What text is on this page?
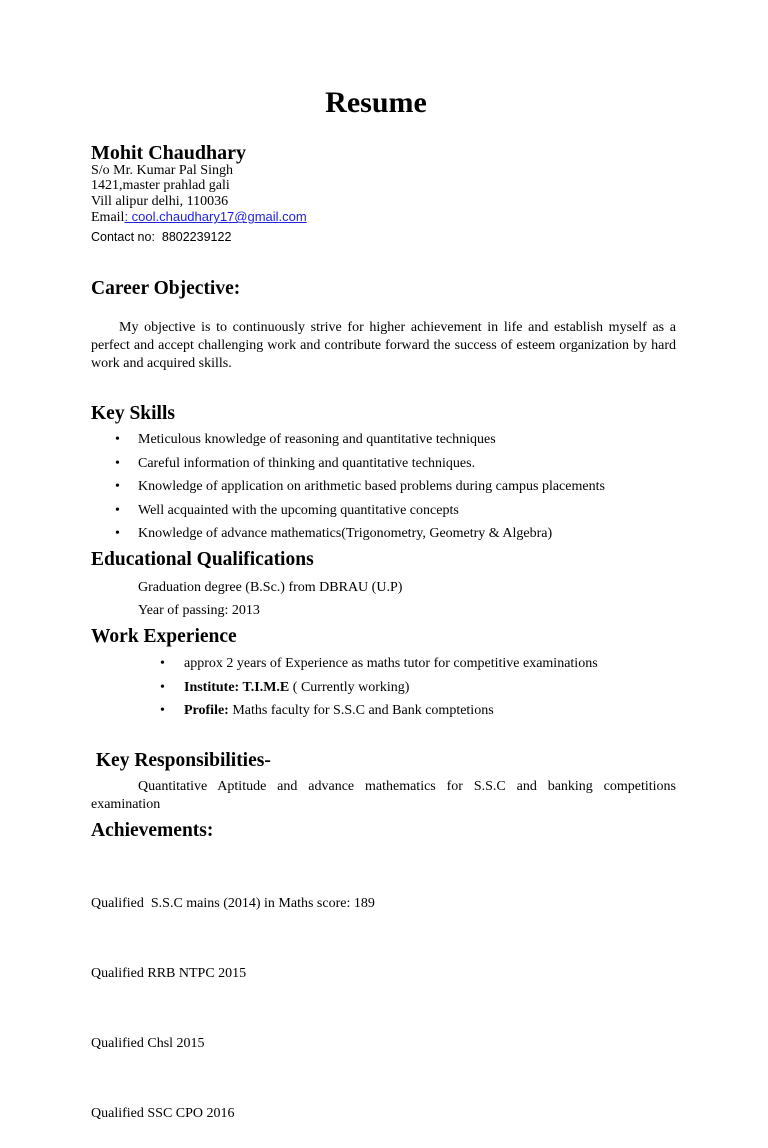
Resume
Mohit Chaudhary
S/o Mr. Kumar Pal Singh
1421,master prahlad gali
Vill alipur delhi, 110036
Email: cool.chaudhary17@gmail.com
Contact no:  8802239122
Career Objective:
My objective is to continuously strive for higher achievement in life and establish myself as a perfect and accept challenging work and contribute forward the success of esteem organization by hard work and acquired skills.
Key Skills
• Meticulous knowledge of reasoning and quantitative techniques
• Careful information of thinking and quantitative techniques.
• Knowledge of application on arithmetic based problems during campus placements
• Well acquainted with the upcoming quantitative concepts
• Knowledge of advance mathematics(Trigonometry, Geometry & Algebra)
Educational Qualifications
Graduation degree (B.Sc.) from DBRAU (U.P)
Year of passing: 2013
Work Experience
• approx 2 years of Experience as maths tutor for competitive examinations
• Institute: T.I.M.E ( Currently working)
• Profile: Maths faculty for S.S.C and Bank comptetions
Key Responsibilities-
Quantitative Aptitude and advance mathematics for S.S.C and banking competitions examination
Achievements:

Qualified  S.S.C mains (2014) in Maths score: 189

Qualified RRB NTPC 2015

Qualified Chsl 2015

Qualified SSC CPO 2016
